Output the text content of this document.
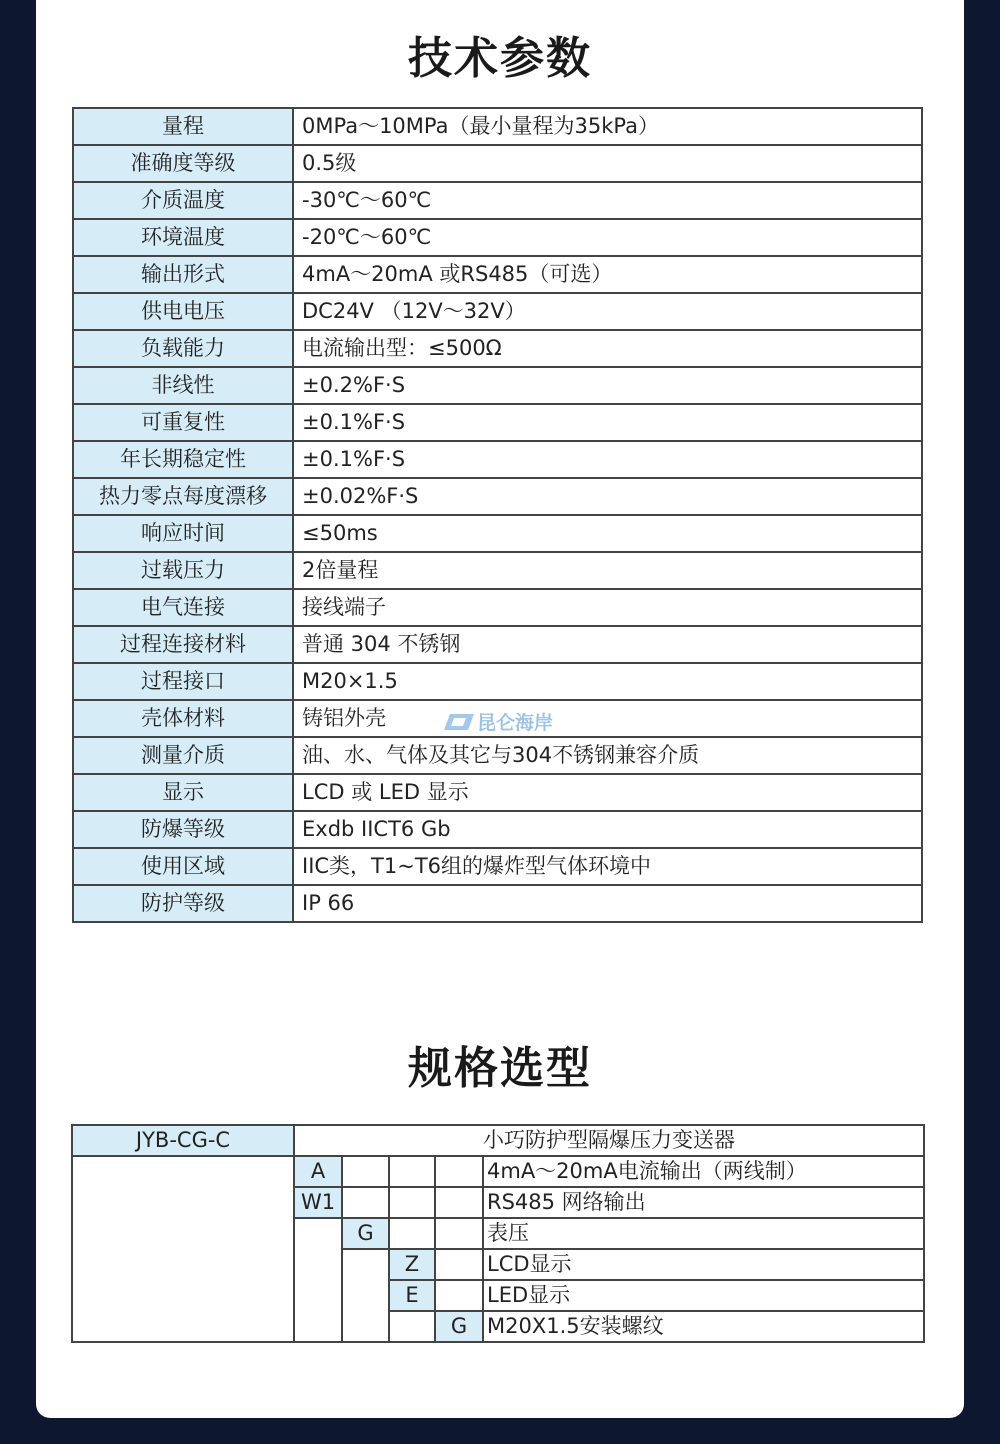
技术参数
量程	0MPa～10MPa（最小量程为35kPa）
准确度等级	0.5级
介质温度	-30℃～60℃
环境温度	-20℃～60℃
输出形式	4mA～20mA 或RS485（可选）
供电电压	DC24V （12V～32V）
负载能力	电流输出型：≤500Ω
非线性	±0.2%F·S
可重复性	±0.1%F·S
年长期稳定性	±0.1%F·S
热力零点每度漂移	±0.02%F·S
响应时间	≤50ms
过载压力	2倍量程
电气连接	接线端子
过程连接材料	普通 304 不锈钢
过程接口	M20×1.5
壳体材料	铸铝外壳
测量介质	油、水、气体及其它与304不锈钢兼容介质
显示	LCD 或 LED 显示
防爆等级	Exdb IICT6 Gb
使用区域	IIC类，T1~T6组的爆炸型气体环境中
防护等级	IP 66
昆仑海岸
规格选型
JYB-CG-C	小巧防护型隔爆压力变送器				
	A				4mA～20mA电流输出（两线制）
	W1				RS485 网络输出
		G			表压
			Z		LCD显示
			E		LED显示
				G	M20X1.5安装螺纹
